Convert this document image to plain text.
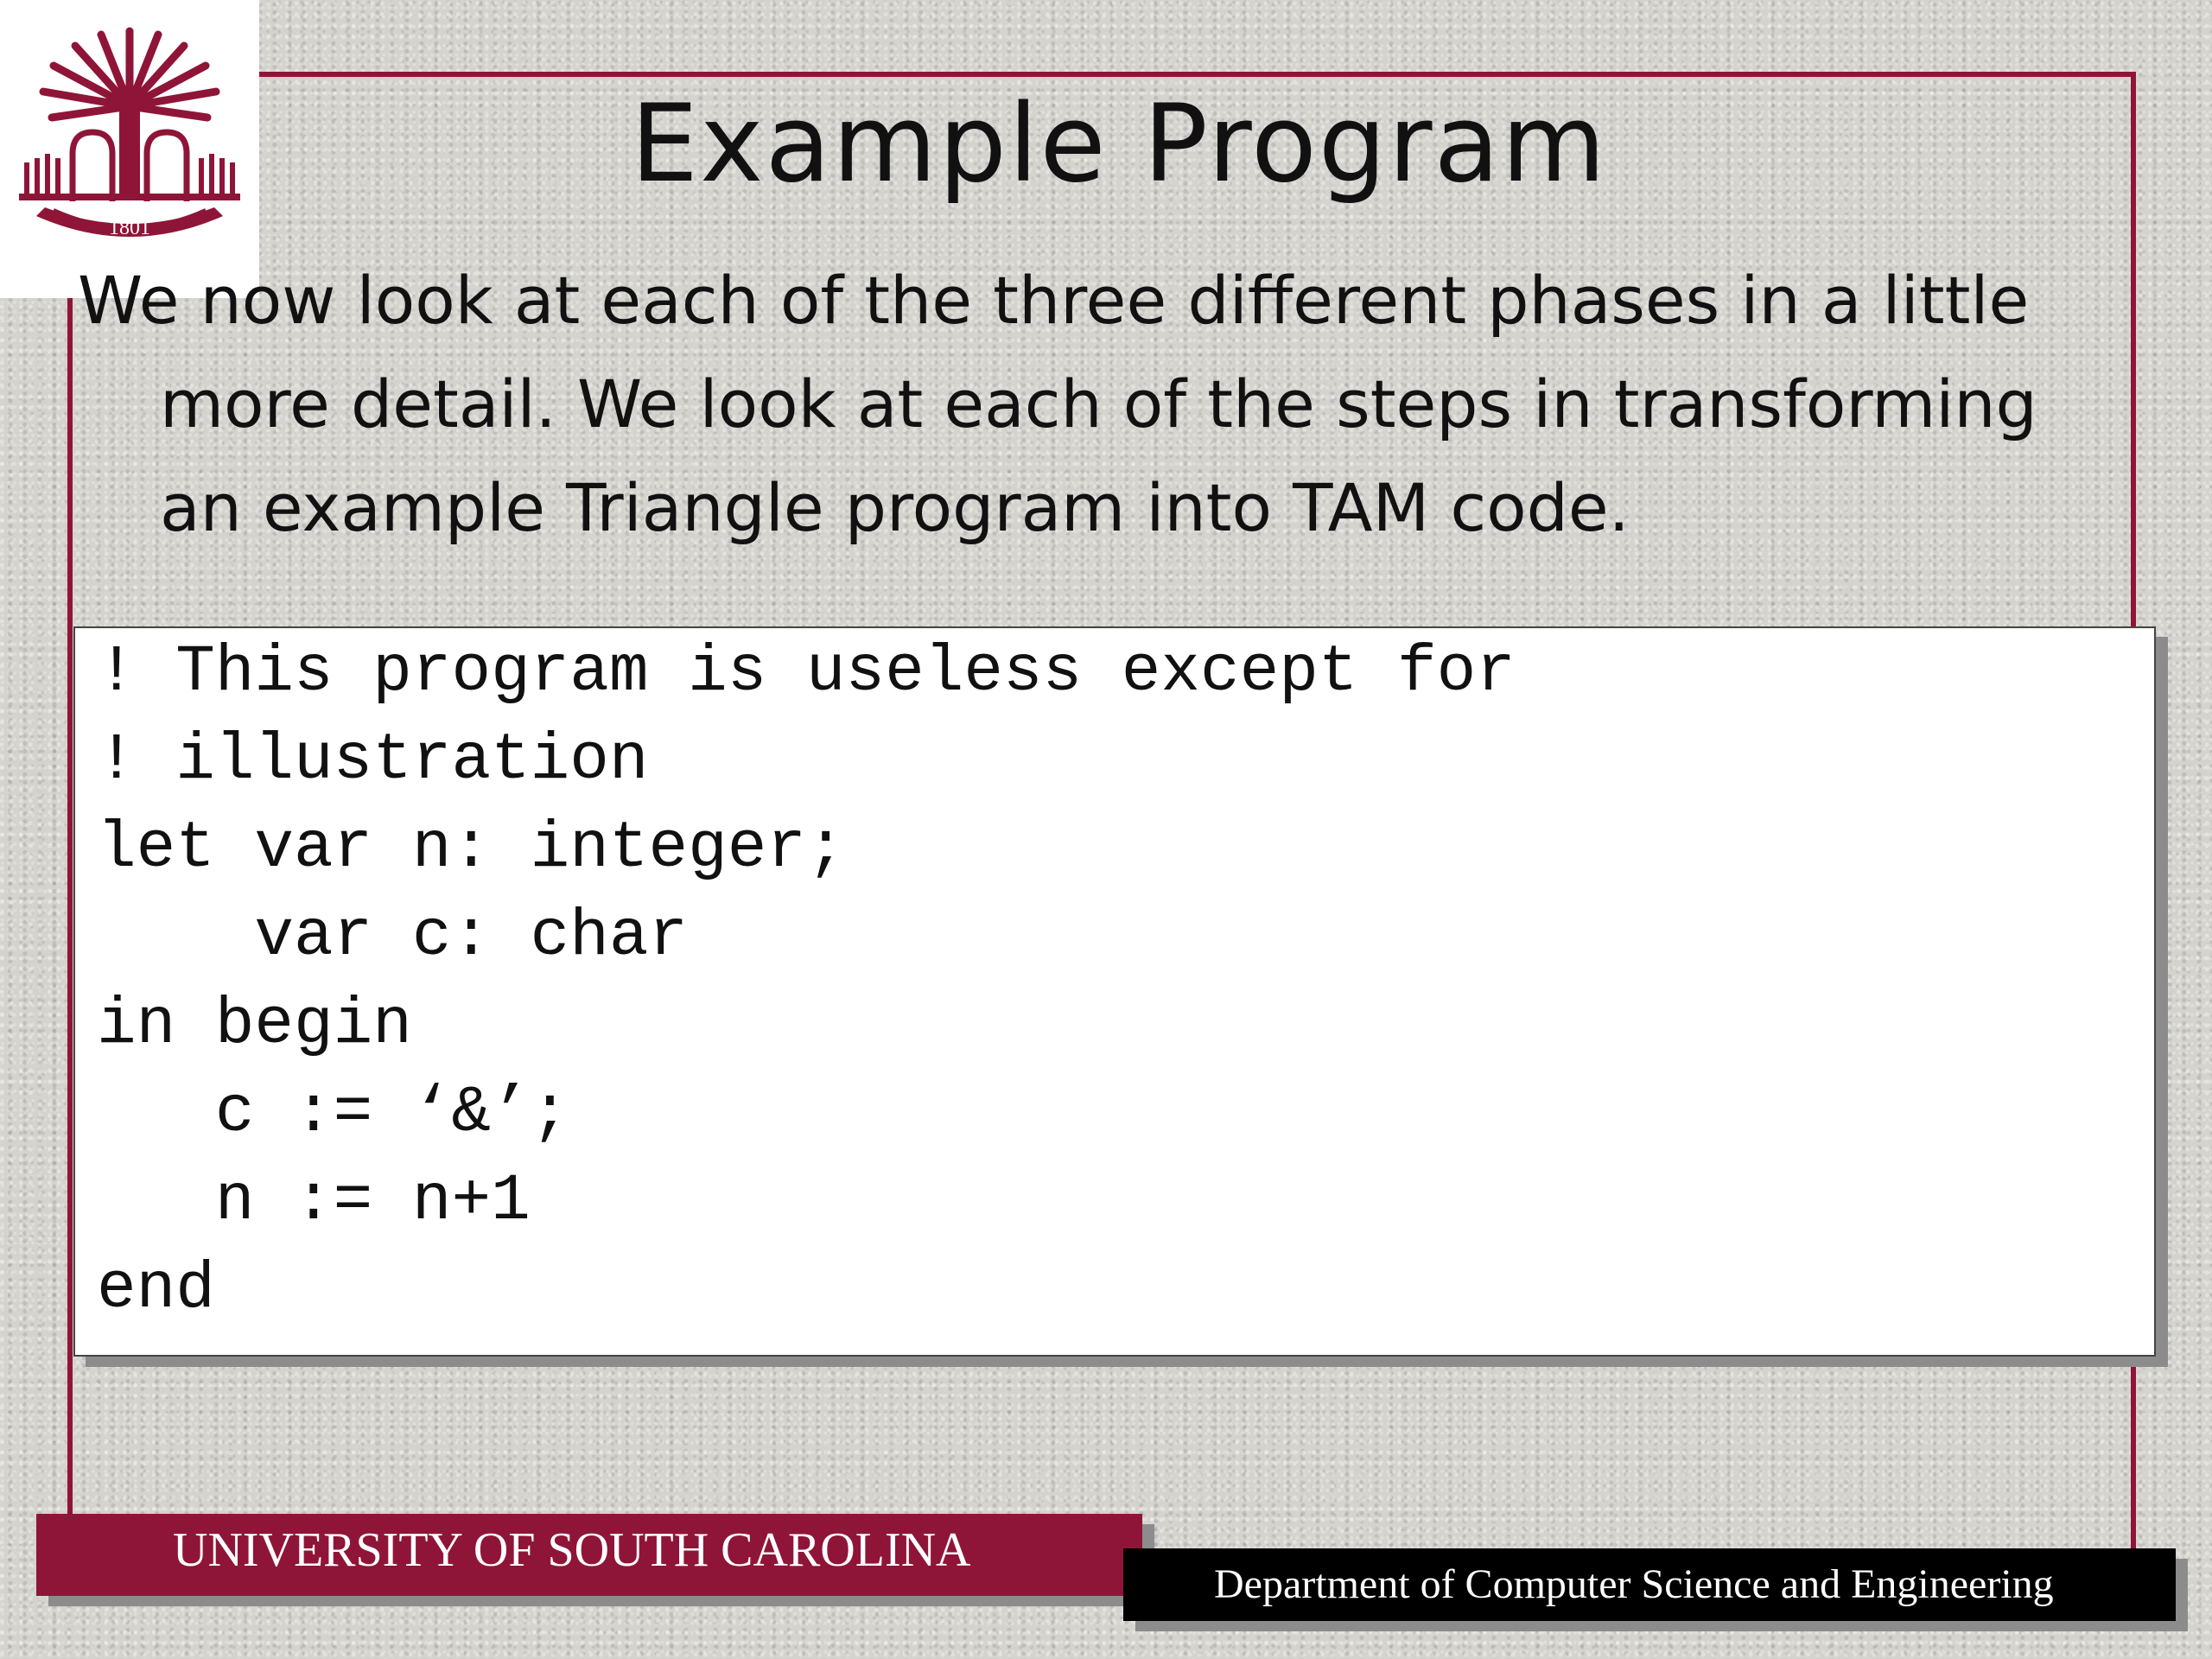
1801
Example Program

We now look at each of the three different phases in a little more detail. We look at each of the steps in transforming an example Triangle program into TAM code.

! This program is useless except for
! illustration
let var n: integer;
var c: char
in begin
c := ‘&’;
n := n+1
end
UNIVERSITY OF SOUTH CAROLINA
Department of Computer Science and Engineering
